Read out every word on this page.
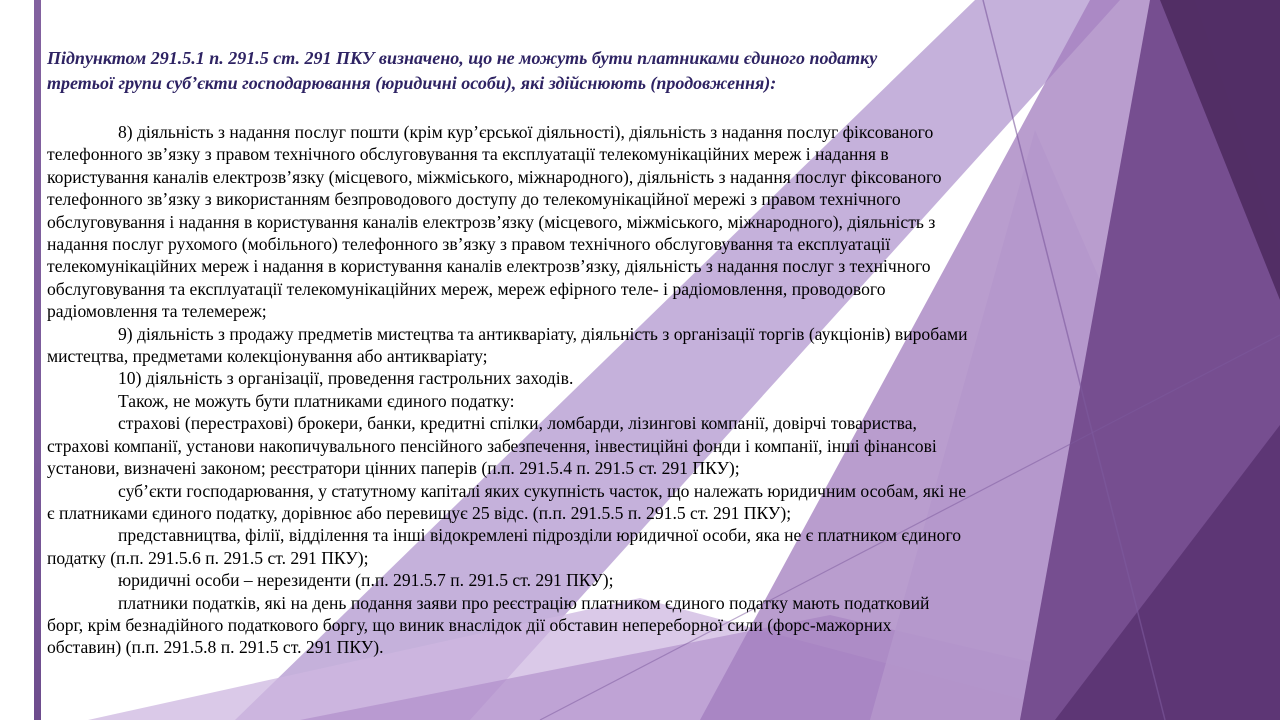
Підпунктом 291.5.1 п. 291.5 ст. 291 ПКУ визначено, що не можуть бути платниками єдиного податку третьої групи суб’єкти господарювання (юридичні особи), які здійснюють (продовження):

8) діяльність з надання послуг пошти (крім кур’єрської діяльності), діяльність з надання послуг фіксованого телефонного зв’язку з правом технічного обслуговування та експлуатації телекомунікаційних мереж і надання в користування каналів електрозв’язку (місцевого, міжміського, міжнародного), діяльність з надання послуг фіксованого телефонного зв’язку з використанням безпроводового доступу до телекомунікаційної мережі з правом технічного обслуговування і надання в користування каналів електрозв’язку (місцевого, міжміського, міжнародного), діяльність з надання послуг рухомого (мобільного) телефонного зв’язку з правом технічного обслуговування та експлуатації телекомунікаційних мереж і надання в користування каналів електрозв’язку, діяльність з надання послуг з технічного обслуговування та експлуатації телекомунікаційних мереж, мереж ефірного теле- і радіомовлення, проводового радіомовлення та телемереж;

9) діяльність з продажу предметів мистецтва та антикваріату, діяльність з організації торгів (аукціонів) виробами мистецтва, предметами колекціонування або антикваріату;

10) діяльність з організації, проведення гастрольних заходів.

Також, не можуть бути платниками єдиного податку:

страхові (перестрахові) брокери, банки, кредитні спілки, ломбарди, лізингові компанії, довірчі товариства, страхові компанії, установи накопичувального пенсійного забезпечення, інвестиційні фонди і компанії, інші фінансові установи, визначені законом; реєстратори цінних паперів (п.п. 291.5.4 п. 291.5 ст. 291 ПКУ);

суб’єкти господарювання, у статутному капіталі яких сукупність часток, що належать юридичним особам, які не є платниками єдиного податку, дорівнює або перевищує 25 відс. (п.п. 291.5.5 п. 291.5 ст. 291 ПКУ);

представництва, філії, відділення та інші відокремлені підрозділи юридичної особи, яка не є платником єдиного податку (п.п. 291.5.6 п. 291.5 ст. 291 ПКУ);

юридичні особи – нерезиденти (п.п. 291.5.7 п. 291.5 ст. 291 ПКУ);

платники податків, які на день подання заяви про реєстрацію платником єдиного податку мають податковий борг, крім безнадійного податкового боргу, що виник внаслідок дії обставин непереборної сили (форс-мажорних обставин) (п.п. 291.5.8 п. 291.5 ст. 291 ПКУ).
